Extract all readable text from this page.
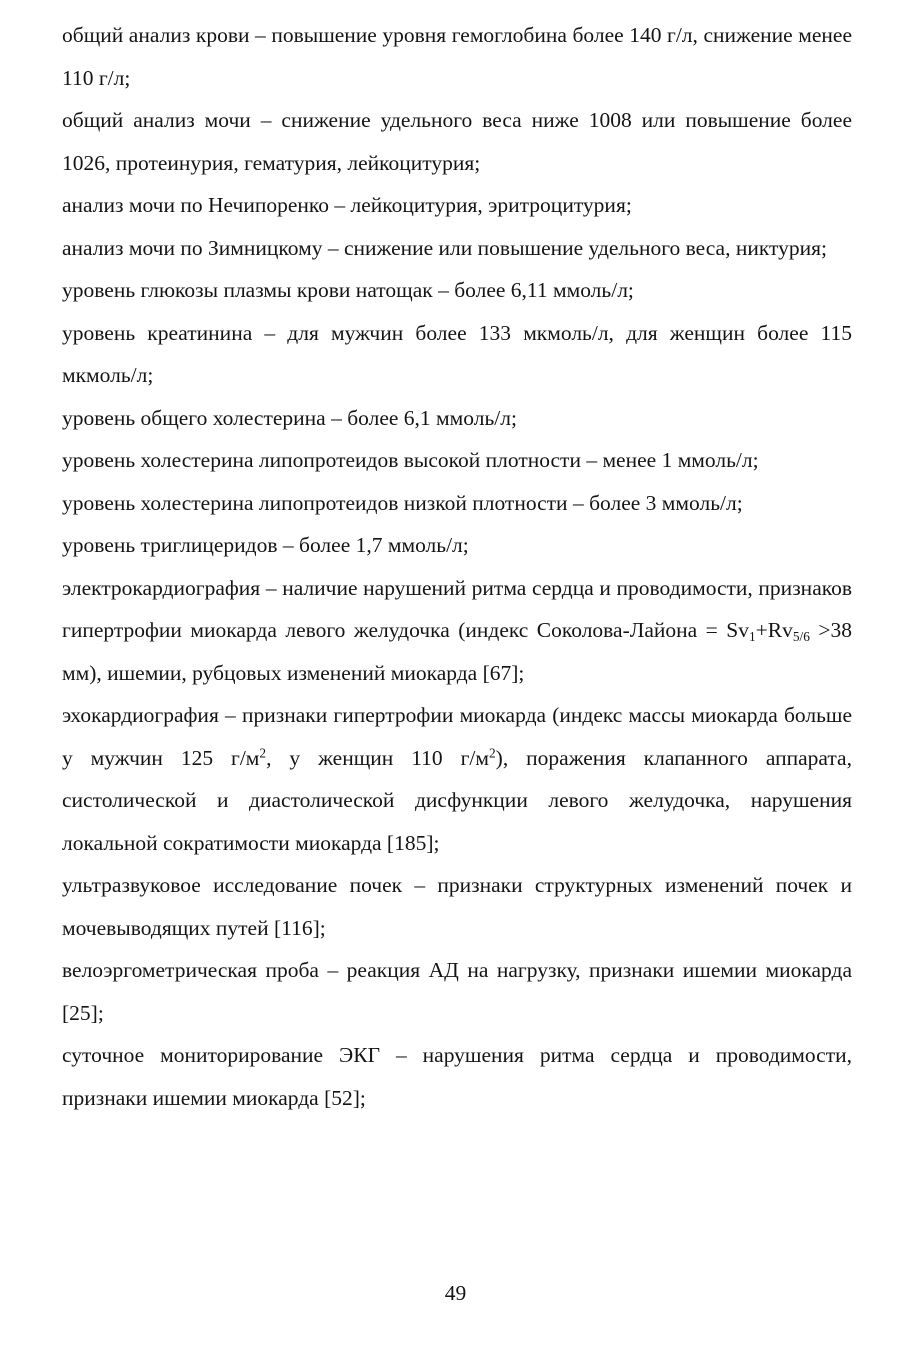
общий анализ крови – повышение уровня гемоглобина более 140 г/л, снижение менее 110 г/л;

общий анализ мочи – снижение удельного веса ниже 1008 или повышение более 1026, протеинурия, гематурия, лейкоцитурия;

анализ мочи по Нечипоренко – лейкоцитурия, эритроцитурия;

анализ мочи по Зимницкому – снижение или повышение удельного веса, никтурия;

уровень глюкозы плазмы крови натощак – более 6,11 ммоль/л;

уровень креатинина – для мужчин более 133 мкмоль/л, для женщин более 115 мкмоль/л;

уровень общего холестерина – более 6,1 ммоль/л;

уровень холестерина липопротеидов высокой плотности – менее 1 ммоль/л;

уровень холестерина липопротеидов низкой плотности – более 3 ммоль/л;

уровень триглицеридов – более 1,7 ммоль/л;

электрокардиография – наличие нарушений ритма сердца и проводимости, признаков гипертрофии миокарда левого желудочка (индекс Соколова-Лайона = $Sv_1+Rv_{5/6} >38$ мм), ишемии, рубцовых изменений миокарда [67];

эхокардиография – признаки гипертрофии миокарда (индекс массы миокарда больше у мужчин 125 $г/м^2$, у женщин 110 $г/м^2$), поражения клапанного аппарата, систолической и диастолической дисфункции левого желудочка, нарушения локальной сократимости миокарда [185];

ультразвуковое исследование почек – признаки структурных изменений почек и мочевыводящих путей [116];

велоэргометрическая проба – реакция АД на нагрузку, признаки ишемии миокарда [25];

суточное мониторирование ЭКГ – нарушения ритма сердца и проводимости, признаки ишемии миокарда [52];

49
